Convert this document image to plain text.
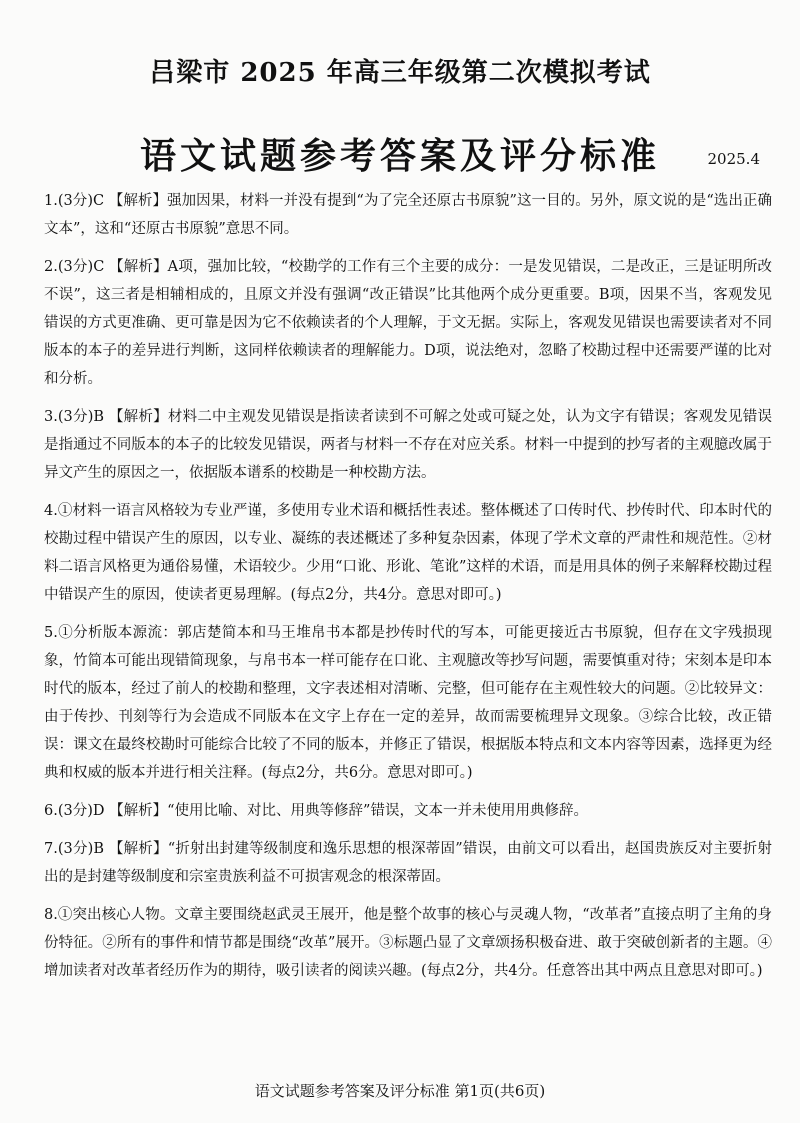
吕梁市 2025 年高三年级第二次模拟考试
语文试题参考答案及评分标准	2025.4

1.(3分)C 【解析】强加因果，材料一并没有提到“为了完全还原古书原貌”这一目的。另外，原文说的是“选出正确文本”，这和“还原古书原貌”意思不同。

2.(3分)C 【解析】A项，强加比较，“校勘学的工作有三个主要的成分：一是发见错误，二是改正，三是证明所改不误”，这三者是相辅相成的，且原文并没有强调“改正错误”比其他两个成分更重要。B项，因果不当，客观发见错误的方式更准确、更可靠是因为它不依赖读者的个人理解，于文无据。实际上，客观发见错误也需要读者对不同版本的本子的差异进行判断，这同样依赖读者的理解能力。D项，说法绝对，忽略了校勘过程中还需要严谨的比对和分析。

3.(3分)B 【解析】材料二中主观发见错误是指读者读到不可解之处或可疑之处，认为文字有错误；客观发见错误是指通过不同版本的本子的比较发见错误，两者与材料一不存在对应关系。材料一中提到的抄写者的主观臆改属于异文产生的原因之一，依据版本谱系的校勘是一种校勘方法。

4.①材料一语言风格较为专业严谨，多使用专业术语和概括性表述。整体概述了口传时代、抄传时代、印本时代的校勘过程中错误产生的原因，以专业、凝练的表述概述了多种复杂因素，体现了学术文章的严肃性和规范性。②材料二语言风格更为通俗易懂，术语较少。少用“口讹、形讹、笔讹”这样的术语，而是用具体的例子来解释校勘过程中错误产生的原因，使读者更易理解。(每点2分，共4分。意思对即可。)

5.①分析版本源流：郭店楚简本和马王堆帛书本都是抄传时代的写本，可能更接近古书原貌，但存在文字残损现象，竹简本可能出现错简现象，与帛书本一样可能存在口讹、主观臆改等抄写问题，需要慎重对待；宋刻本是印本时代的版本，经过了前人的校勘和整理，文字表述相对清晰、完整，但可能存在主观性较大的问题。②比较异文：由于传抄、刊刻等行为会造成不同版本在文字上存在一定的差异，故而需要梳理异文现象。③综合比较，改正错误：课文在最终校勘时可能综合比较了不同的版本，并修正了错误，根据版本特点和文本内容等因素，选择更为经典和权威的版本并进行相关注释。(每点2分，共6分。意思对即可。)

6.(3分)D 【解析】“使用比喻、对比、用典等修辞”错误，文本一并未使用用典修辞。

7.(3分)B 【解析】“折射出封建等级制度和逸乐思想的根深蒂固”错误，由前文可以看出，赵国贵族反对主要折射出的是封建等级制度和宗室贵族利益不可损害观念的根深蒂固。

8.①突出核心人物。文章主要围绕赵武灵王展开，他是整个故事的核心与灵魂人物，“改革者”直接点明了主角的身份特征。②所有的事件和情节都是围绕“改革”展开。③标题凸显了文章颂扬积极奋进、敢于突破创新者的主题。④增加读者对改革者经历作为的期待，吸引读者的阅读兴趣。(每点2分，共4分。任意答出其中两点且意思对即可。)

语文试题参考答案及评分标准 第1页(共6页)
